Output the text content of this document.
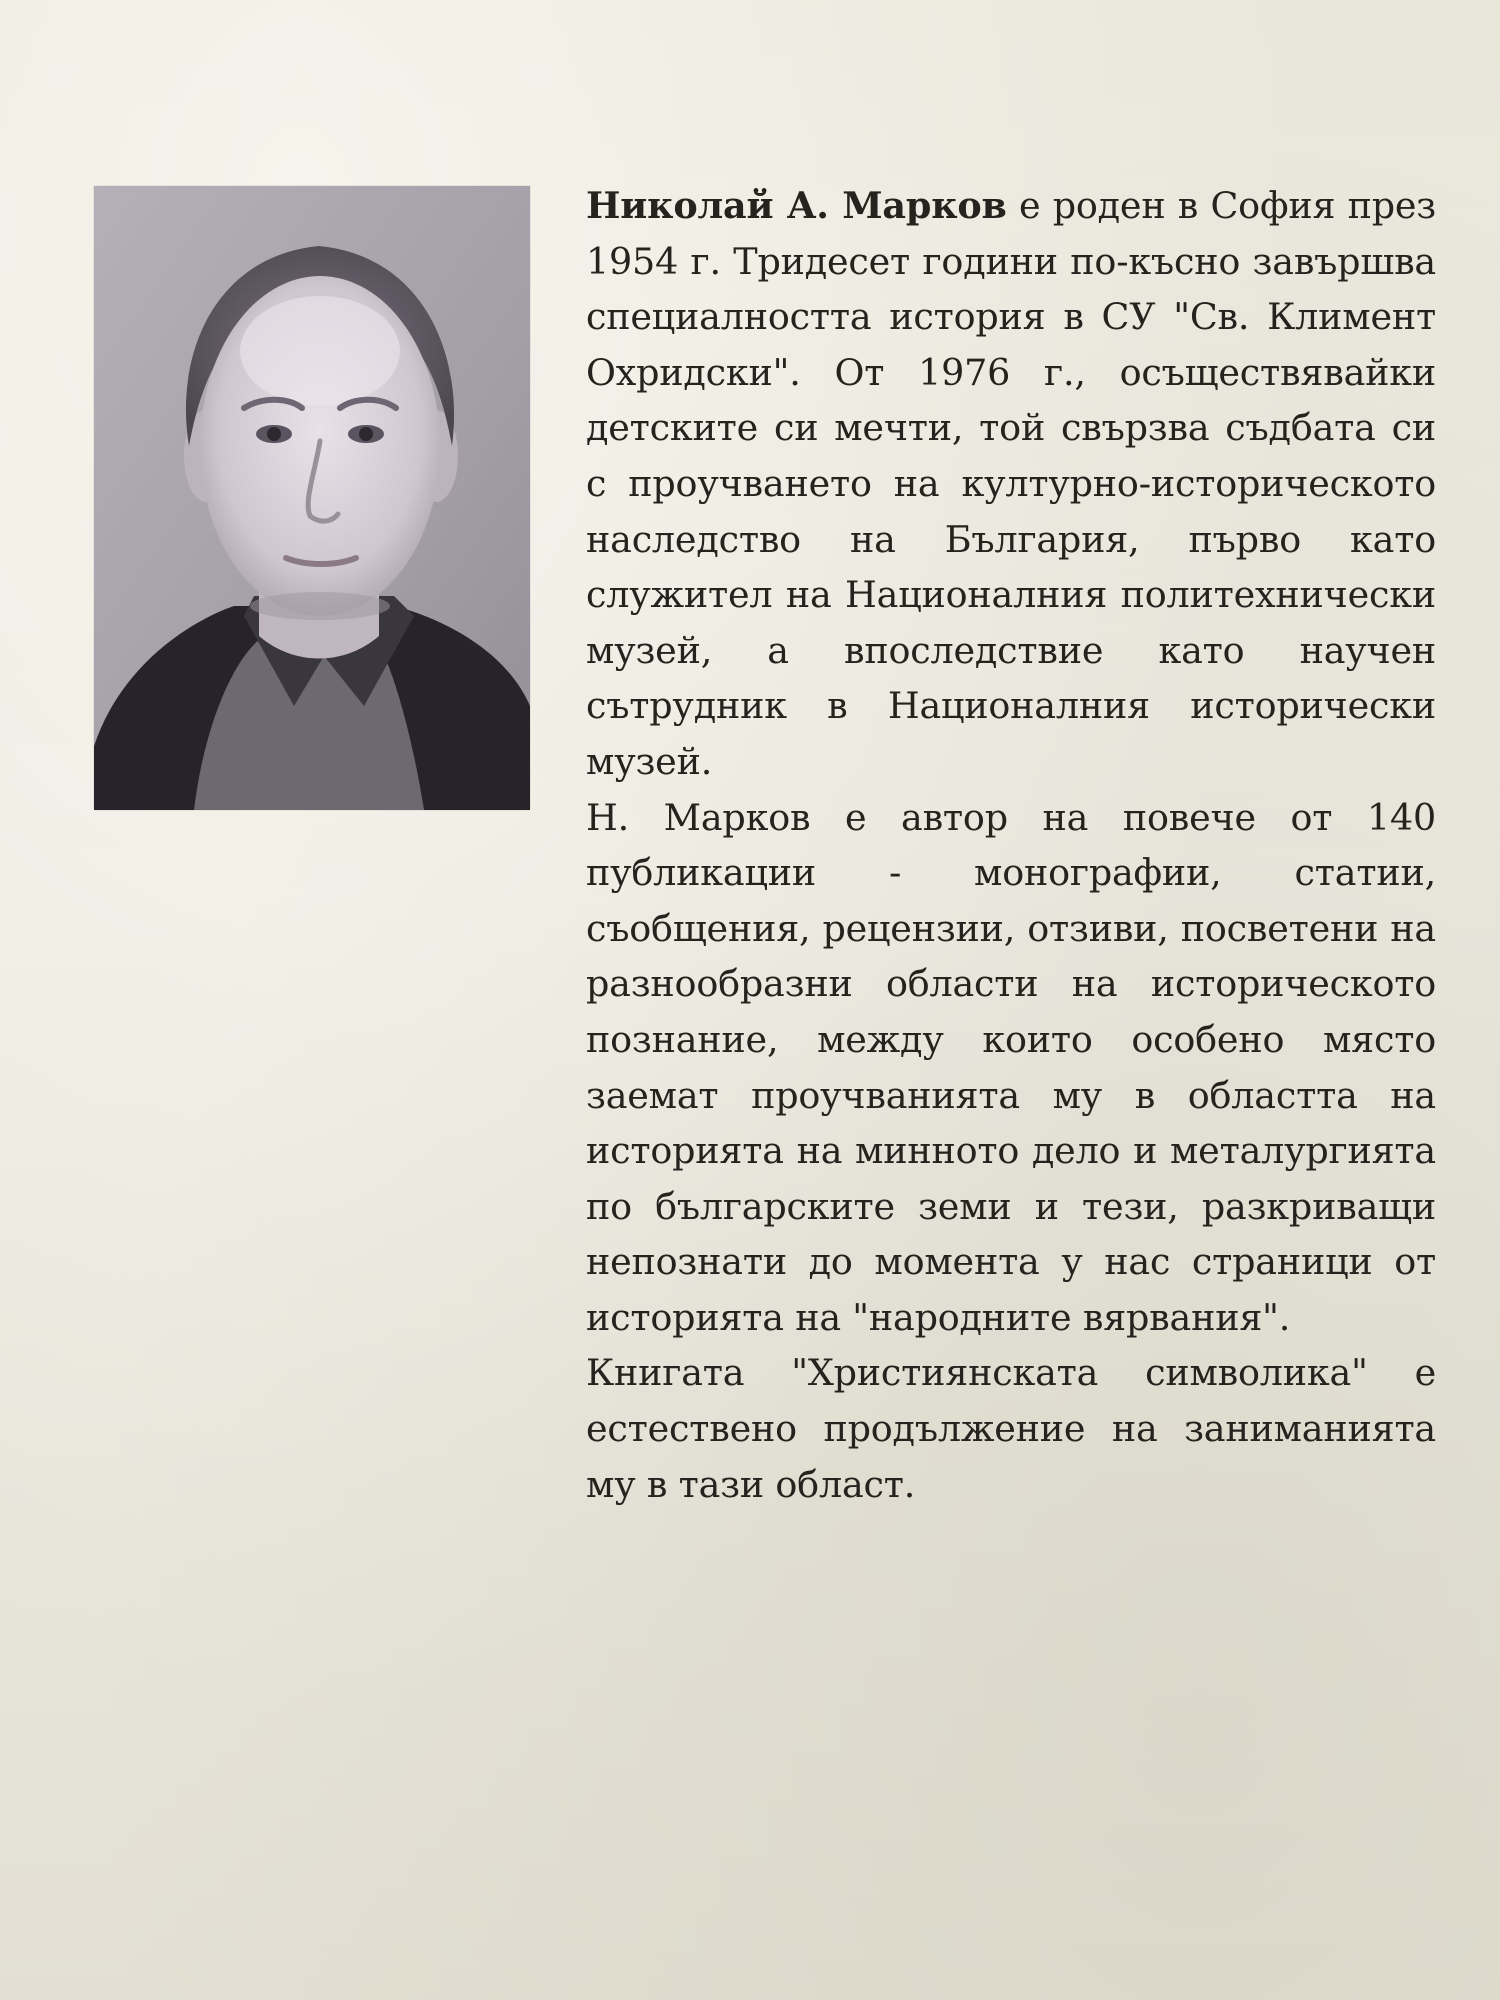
Николай А. Марков е роден в София през 1954 г. Тридесет години по-късно завършва специалността история в СУ "Св. Климент Охридски". От 1976 г., осъществявайки детските си мечти, той свързва съдбата си с проучването на културно-историческото наследство на България, първо като служител на Националния политехнически музей, а впоследствие като научен сътрудник в Националния исторически музей.

Н. Марков е автор на повече от 140 публикации - монографии, статии, съобщения, рецензии, отзиви, посветени на разнообразни области на историческото познание, между които особено място заемат проучванията му в областта на историята на минното дело и металургията по българските земи и тези, разкриващи непознати до момента у нас страници от историята на "народните вярвания".

Книгата "Християнската символика" е естествено продължение на заниманията му в тази област.
